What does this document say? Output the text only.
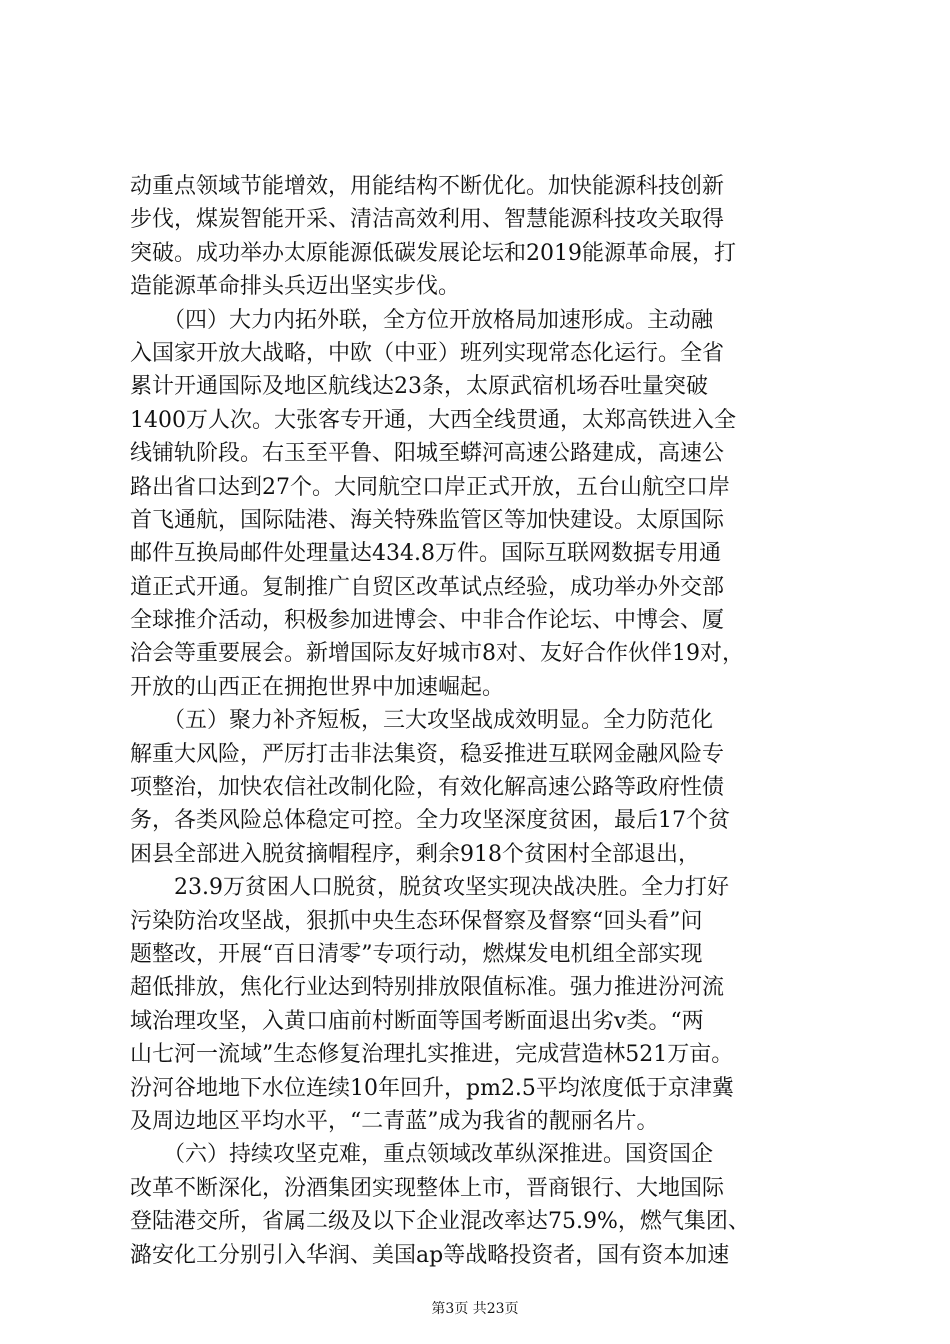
动重点领域节能增效，用能结构不断优化。加快能源科技创新
步伐，煤炭智能开采、清洁高效利用、智慧能源科技攻关取得
突破。成功举办太原能源低碳发展论坛和2019能源革命展，打
造能源革命排头兵迈出坚实步伐。
　　（四）大力内拓外联，全方位开放格局加速形成。主动融
入国家开放大战略，中欧（中亚）班列实现常态化运行。全省
累计开通国际及地区航线达23条，太原武宿机场吞吐量突破
1400万人次。大张客专开通，大西全线贯通，太郑高铁进入全
线铺轨阶段。右玉至平鲁、阳城至蟒河高速公路建成，高速公
路出省口达到27个。大同航空口岸正式开放，五台山航空口岸
首飞通航，国际陆港、海关特殊监管区等加快建设。太原国际
邮件互换局邮件处理量达434.8万件。国际互联网数据专用通
道正式开通。复制推广自贸区改革试点经验，成功举办外交部
全球推介活动，积极参加进博会、中非合作论坛、中博会、厦
洽会等重要展会。新增国际友好城市8对、友好合作伙伴19对，
开放的山西正在拥抱世界中加速崛起。
　　（五）聚力补齐短板，三大攻坚战成效明显。全力防范化
解重大风险，严厉打击非法集资，稳妥推进互联网金融风险专
项整治，加快农信社改制化险，有效化解高速公路等政府性债
务，各类风险总体稳定可控。全力攻坚深度贫困，最后17个贫
困县全部进入脱贫摘帽程序，剩余918个贫困村全部退出，
　　23.9万贫困人口脱贫，脱贫攻坚实现决战决胜。全力打好
污染防治攻坚战，狠抓中央生态环保督察及督察“回头看”问
题整改，开展“百日清零”专项行动，燃煤发电机组全部实现
超低排放，焦化行业达到特别排放限值标准。强力推进汾河流
域治理攻坚，入黄口庙前村断面等国考断面退出劣v类。“两
山七河一流域”生态修复治理扎实推进，完成营造林521万亩。
汾河谷地地下水位连续10年回升，pm2.5平均浓度低于京津冀
及周边地区平均水平，“二青蓝”成为我省的靓丽名片。
　　（六）持续攻坚克难，重点领域改革纵深推进。国资国企
改革不断深化，汾酒集团实现整体上市，晋商银行、大地国际
登陆港交所，省属二级及以下企业混改率达75.9%，燃气集团、
潞安化工分别引入华润、美国ap等战略投资者，国有资本加速
第3页 共23页
